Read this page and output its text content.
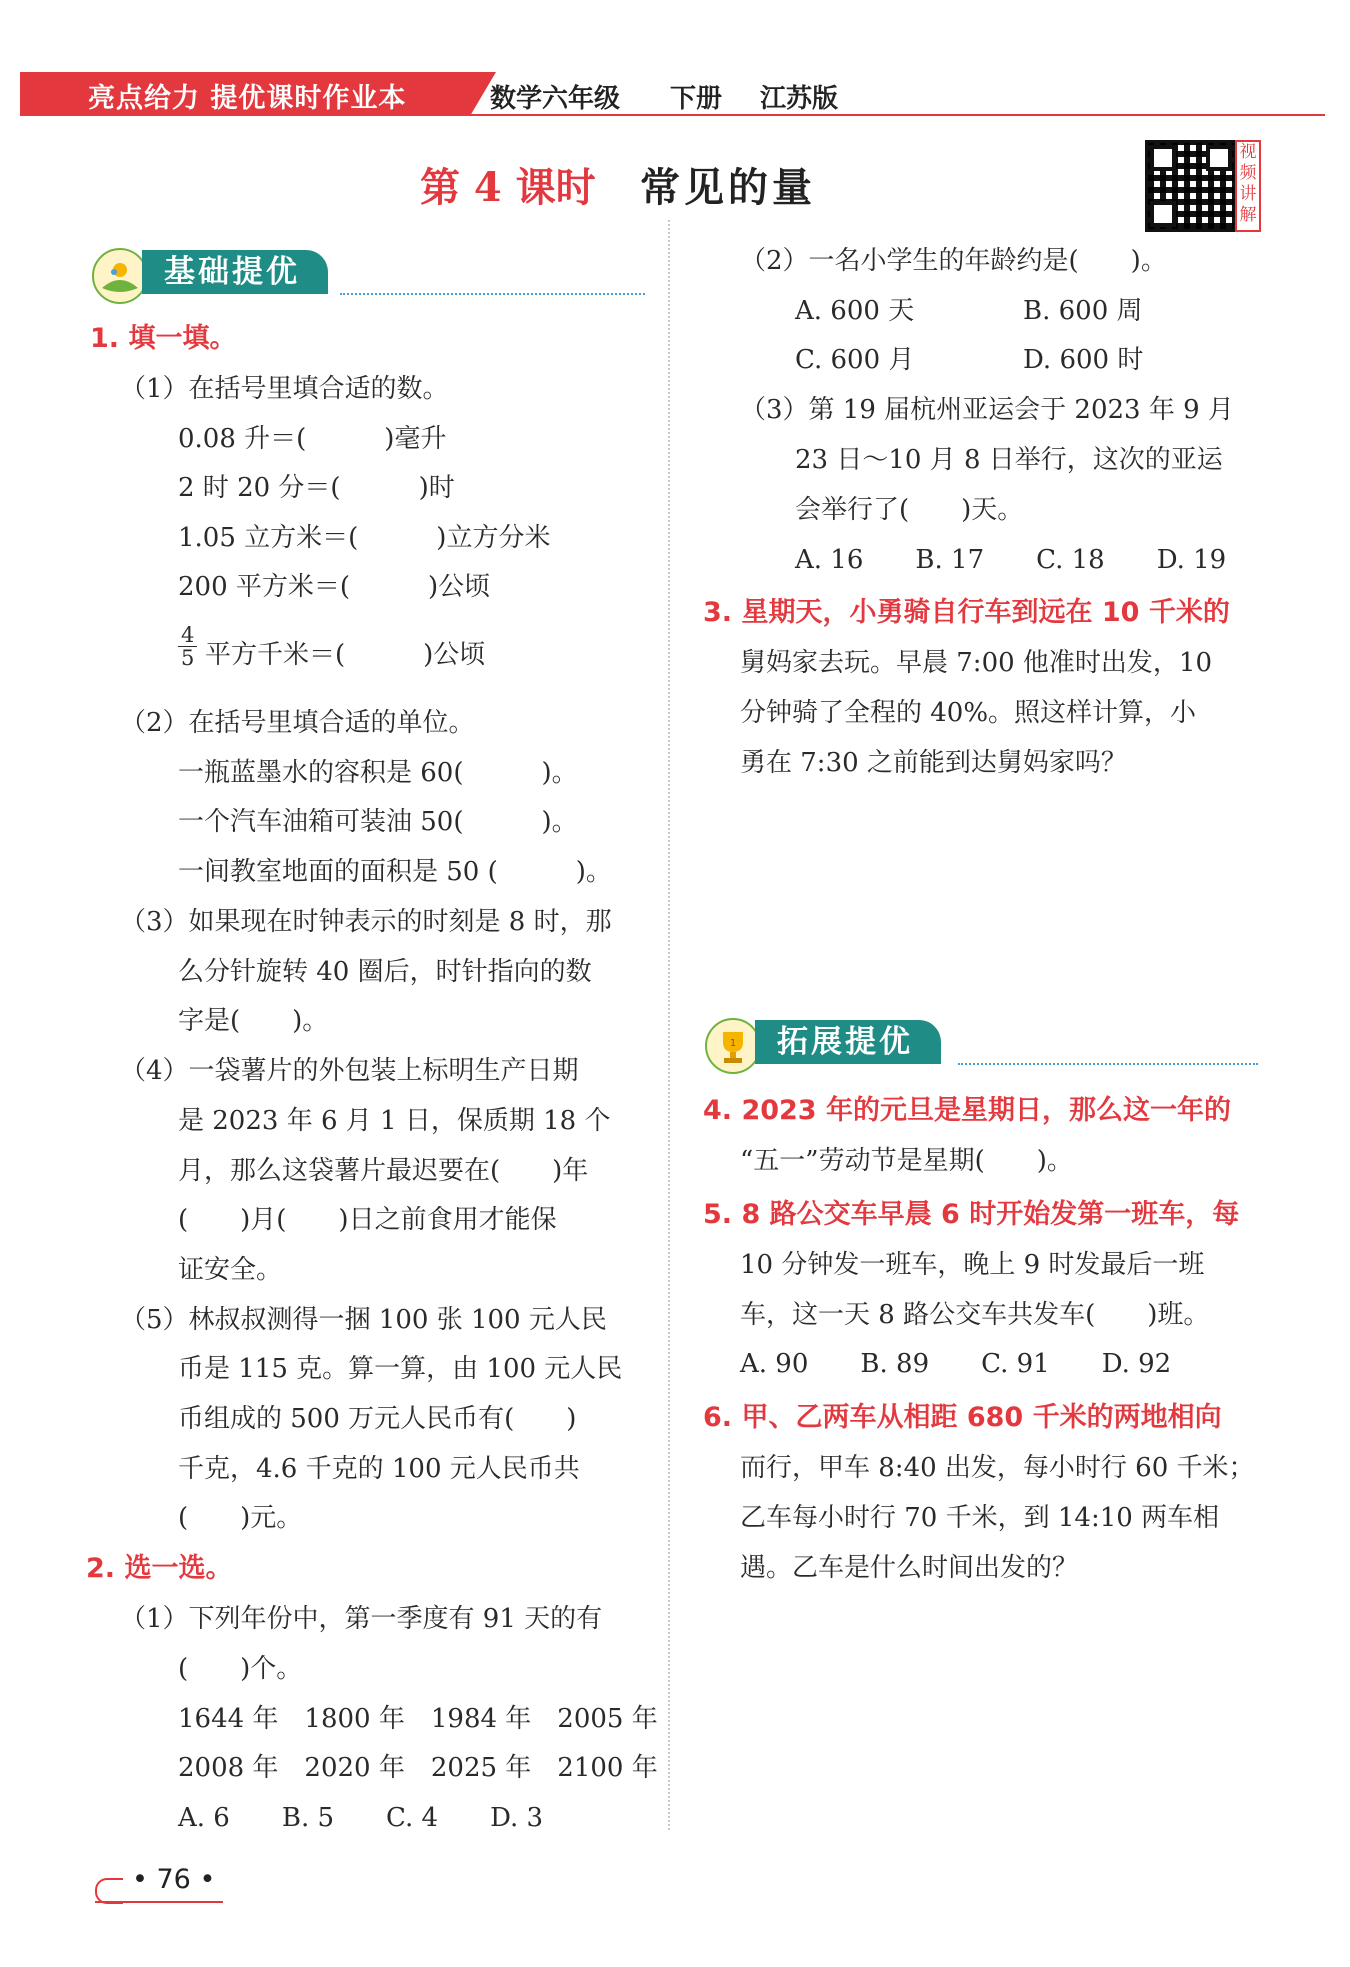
亮点给力 提优课时作业本	数学六年级 下册 江苏版
第 4 课时 常见的量
视频讲解
基础提优
1	拓展提优
1. 填一填。
（1）在括号里填合适的数。
0.08 升＝(　　　)毫升
2 时 20 分＝(　　　)时
1.05 立方米＝(　　　)立方分米
200 平方米＝(　　　)公顷
$\frac{4}{5}$ 平方千米＝(　　　)公顷
（2）在括号里填合适的单位。
一瓶蓝墨水的容积是 60(　　　)。
一个汽车油箱可装油 50(　　　)。
一间教室地面的面积是 50 (　　　)。
（3）如果现在时钟表示的时刻是 8 时，那
么分针旋转 40 圈后，时针指向的数
字是(　　)。
（4）一袋薯片的外包装上标明生产日期
是 2023 年 6 月 1 日，保质期 18 个
月，那么这袋薯片最迟要在(　　)年
(　　)月(　　)日之前食用才能保
证安全。
（5）林叔叔测得一捆 100 张 100 元人民
币是 115 克。算一算，由 100 元人民
币组成的 500 万元人民币有(　　)
千克，4.6 千克的 100 元人民币共
(　　)元。
2. 选一选。
（1）下列年份中，第一季度有 91 天的有
(　　)个。
1644 年　1800 年　1984 年　2005 年
2008 年　2020 年　2025 年　2100 年
A. 6　　B. 5　　C. 4　　D. 3
（2）一名小学生的年龄约是(　　)。
A. 600 天	B. 600 周
C. 600 月	D. 600 时
（3）第 19 届杭州亚运会于 2023 年 9 月
23 日～10 月 8 日举行，这次的亚运
会举行了(　　)天。
A. 16　　B. 17　　C. 18　　D. 19
3. 星期天，小勇骑自行车到远在 10 千米的
舅妈家去玩。早晨 7:00 他准时出发，10
分钟骑了全程的 40%。照这样计算，小
勇在 7:30 之前能到达舅妈家吗？
4. 2023 年的元旦是星期日，那么这一年的
“五一”劳动节是星期(　　)。
5. 8 路公交车早晨 6 时开始发第一班车，每
10 分钟发一班车，晚上 9 时发最后一班
车，这一天 8 路公交车共发车(　　)班。
A. 90　　B. 89　　C. 91　　D. 92
6. 甲、乙两车从相距 680 千米的两地相向
而行，甲车 8:40 出发，每小时行 60 千米；
乙车每小时行 70 千米，到 14:10 两车相
遇。乙车是什么时间出发的？
• 76 •
